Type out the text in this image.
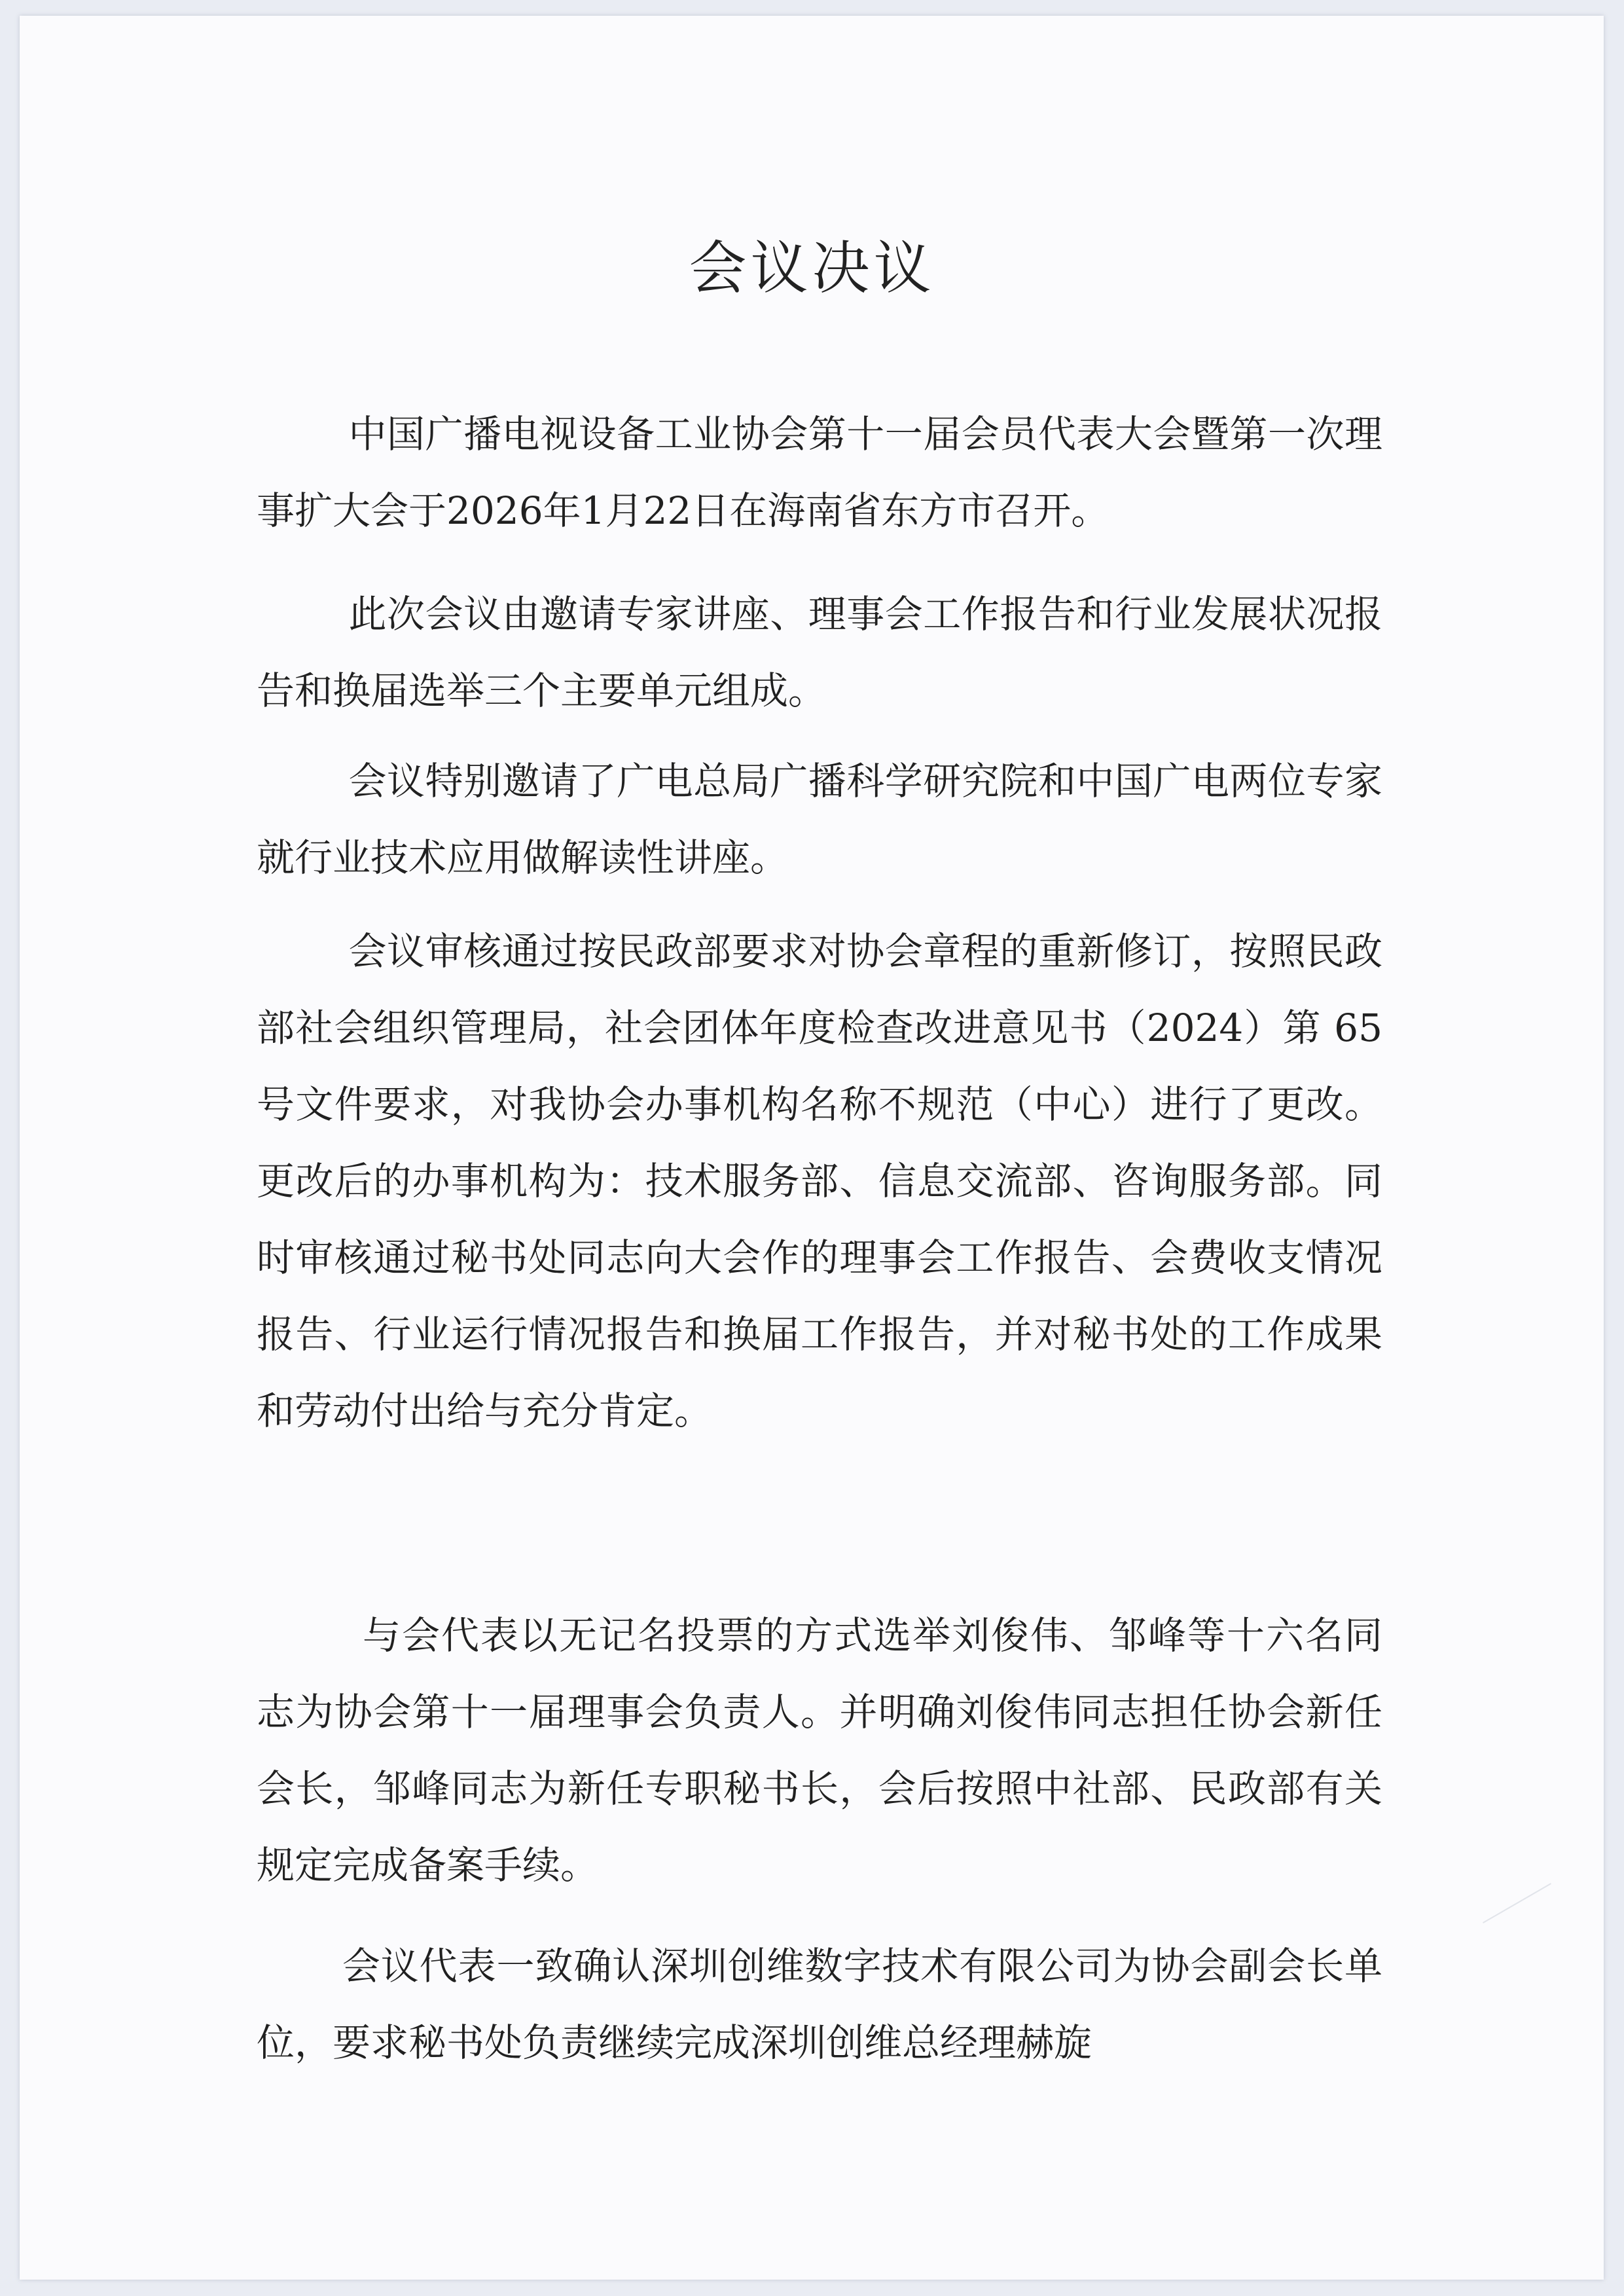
会议决议

中国广播电视设备工业协会第十一届会员代表大会暨第一次理事扩大会于2026年1月22日在海南省东方市召开。

此次会议由邀请专家讲座、理事会工作报告和行业发展状况报告和换届选举三个主要单元组成。

会议特别邀请了广电总局广播科学研究院和中国广电两位专家就行业技术应用做解读性讲座。

会议审核通过按民政部要求对协会章程的重新修订，按照民政部社会组织管理局，社会团体年度检查改进意见书（2024）第 65 号文件要求，对我协会办事机构名称不规范（中心）进行了更改。更改后的办事机构为：技术服务部、信息交流部、咨询服务部。同时审核通过秘书处同志向大会作的理事会工作报告、会费收支情况报告、行业运行情况报告和换届工作报告，并对秘书处的工作成果和劳动付出给与充分肯定。

与会代表以无记名投票的方式选举刘俊伟、邹峰等十六名同志为协会第十一届理事会负责人。并明确刘俊伟同志担任协会新任会长，邹峰同志为新任专职秘书长，会后按照中社部、民政部有关规定完成备案手续。

会议代表一致确认深圳创维数字技术有限公司为协会副会长单位，要求秘书处负责继续完成深圳创维总经理赫旋
